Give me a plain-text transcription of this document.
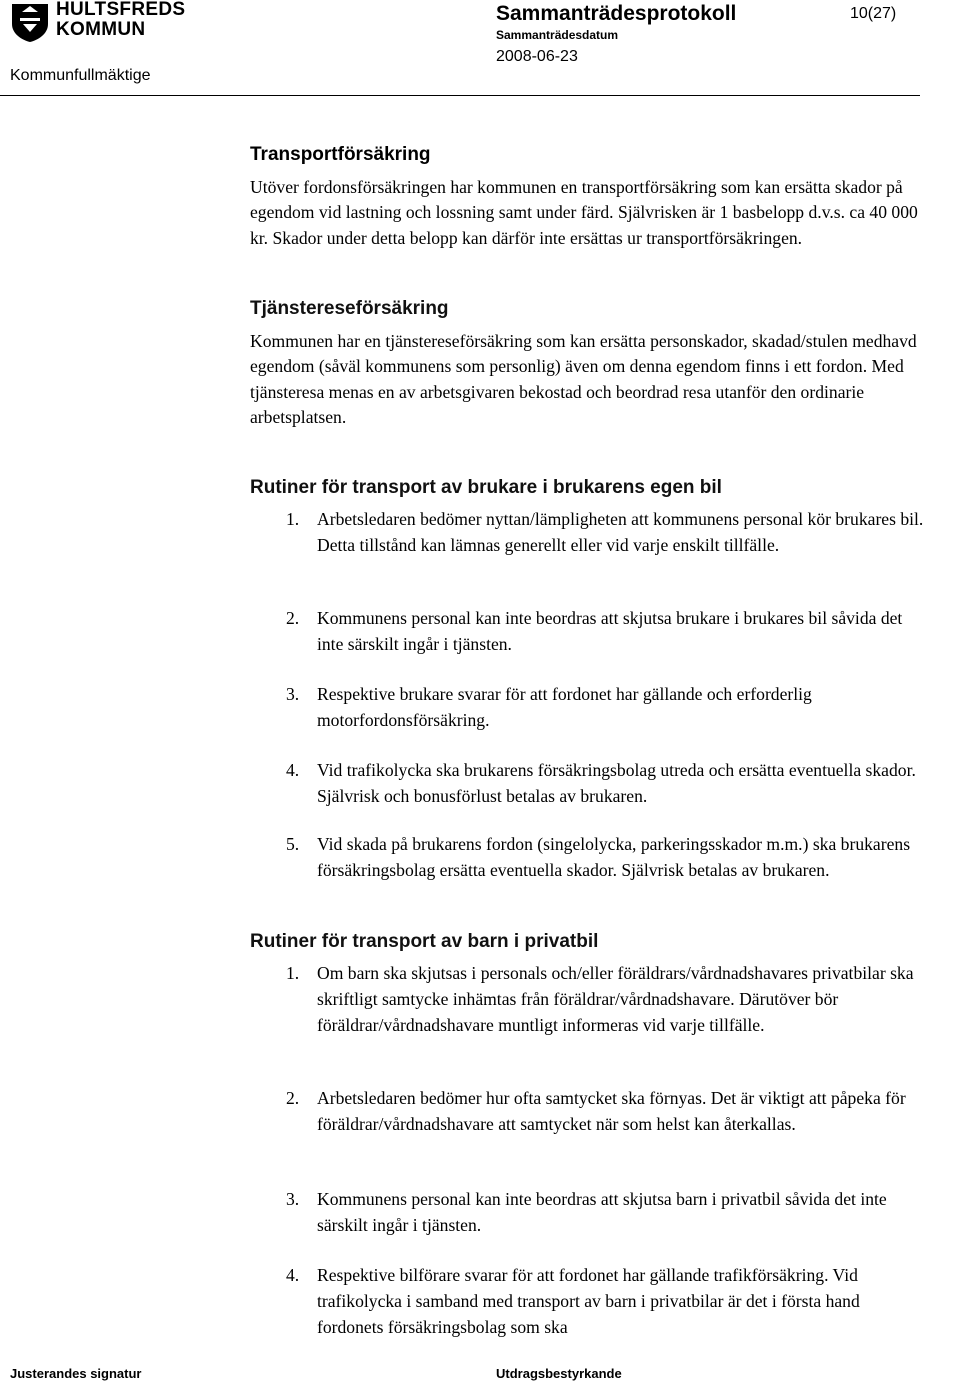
HULTSFREDS
KOMMUN
Kommunfullmäktige
Sammanträdesprotokoll
Sammanträdesdatum
2008-06-23
10(27)
Transportförsäkring
Utöver fordonsförsäkringen har kommunen en transportförsäkring som kan ersätta skador på egendom vid lastning och lossning samt under färd. Självrisken är 1 basbelopp d.v.s. ca 40 000 kr. Skador under detta belopp kan därför inte ersättas ur transportförsäkringen.
Tjänstereseförsäkring
Kommunen har en tjänstereseförsäkring som kan ersätta personskador, skadad/stulen medhavd egendom (såväl kommunens som personlig) även om denna egendom finns i ett fordon. Med tjänsteresa menas en av arbetsgivaren bekostad och beordrad resa utanför den ordinarie arbetsplatsen.
Rutiner för transport av brukare i brukarens egen bil
1. Arbetsledaren bedömer nyttan/lämpligheten att kommunens personal kör brukares bil. Detta tillstånd kan lämnas generellt eller vid varje enskilt tillfälle.
2. Kommunens personal kan inte beordras att skjutsa brukare i brukares bil såvida det inte särskilt ingår i tjänsten.
3. Respektive brukare svarar för att fordonet har gällande och erforderlig motorfordonsförsäkring.
4. Vid trafikolycka ska brukarens försäkringsbolag utreda och ersätta eventuella skador. Självrisk och bonusförlust betalas av brukaren.
5. Vid skada på brukarens fordon (singelolycka, parkeringsskador m.m.) ska brukarens försäkringsbolag ersätta eventuella skador. Självrisk betalas av brukaren.
Rutiner för transport av barn i privatbil
1. Om barn ska skjutsas i personals och/eller föräldrars/vårdnadshavares privatbilar ska skriftligt samtycke inhämtas från föräldrar/vårdnadshavare. Därutöver bör föräldrar/vårdnadshavare muntligt informeras vid varje tillfälle.
2. Arbetsledaren bedömer hur ofta samtycket ska förnyas. Det är viktigt att påpeka för föräldrar/vårdnadshavare att samtycket när som helst kan återkallas.
3. Kommunens personal kan inte beordras att skjutsa barn i privatbil såvida det inte särskilt ingår i tjänsten.
4. Respektive bilförare svarar för att fordonet har gällande trafikförsäkring. Vid trafikolycka i samband med transport av barn i privatbilar är det i första hand fordonets försäkringsbolag som ska
Justerandes signatur	Utdragsbestyrkande
